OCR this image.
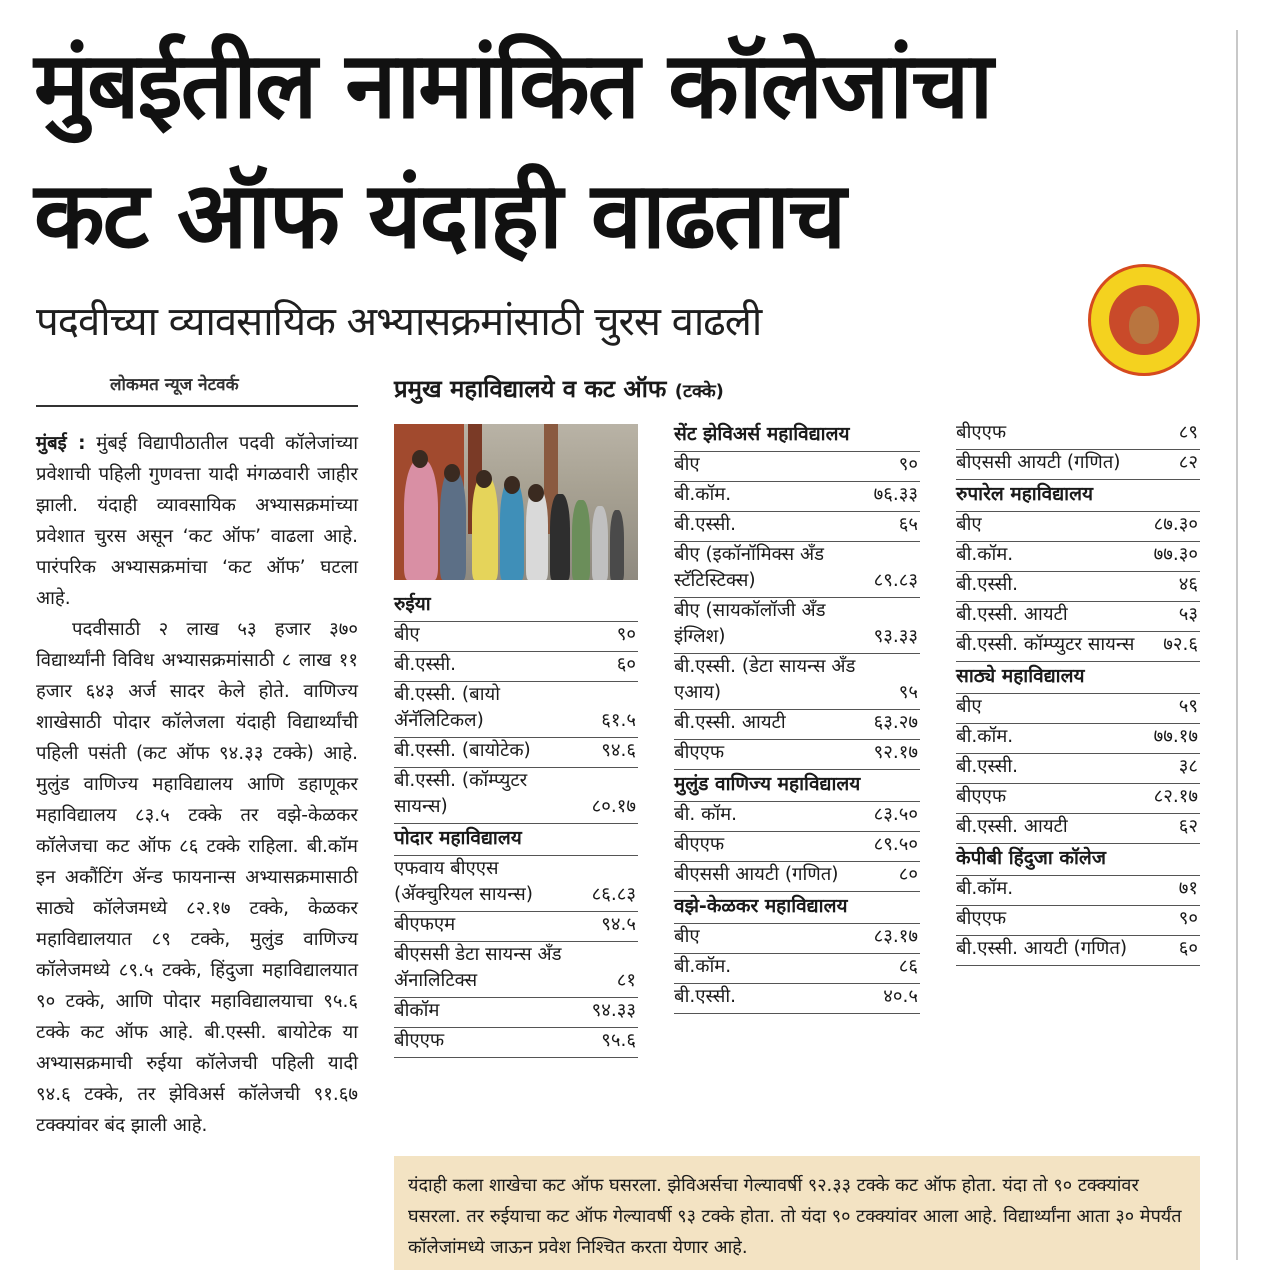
मुंबईतील नामांकित कॉलेजांचा
कट ऑफ यंदाही वाढताच
पदवीच्या व्यावसायिक अभ्यासक्रमांसाठी चुरस वाढली
लोकमत न्यूज नेटवर्क

मुंबई : मुंबई विद्यापीठातील पदवी कॉलेजांच्या प्रवेशाची पहिली गुणवत्ता यादी मंगळवारी जाहीर झाली. यंदाही व्यावसायिक अभ्यासक्रमांच्या प्रवेशात चुरस असून ‘कट ऑफ’ वाढला आहे. पारंपरिक अभ्यासक्रमांचा ‘कट ऑफ’ घटला आहे.

पदवीसाठी २ लाख ५३ हजार ३७० विद्यार्थ्यांनी विविध अभ्यासक्रमांसाठी ८ लाख ११ हजार ६४३ अर्ज सादर केले होते. वाणिज्य शाखेसाठी पोदार कॉलेजला यंदाही विद्यार्थ्यांची पहिली पसंती (कट ऑफ ९४.३३ टक्के) आहे. मुलुंड वाणिज्य महाविद्यालय आणि डहाणूकर महाविद्यालय ८३.५ टक्के तर वझे-केळकर कॉलेजचा कट ऑफ ८६ टक्के राहिला. बी.कॉम इन अकौंटिंग ॲन्ड फायनान्स अभ्यासक्रमासाठी साठ्ये कॉलेजमध्ये ८२.१७ टक्के, केळकर महाविद्यालयात ८९ टक्के, मुलुंड वाणिज्य कॉलेजमध्ये ८९.५ टक्के, हिंदुजा महाविद्यालयात ९० टक्के, आणि पोदार महाविद्यालयाचा ९५.६ टक्के कट ऑफ आहे. बी.एस्सी. बायोटेक या अभ्यासक्रमाची रुईया कॉलेजची पहिली यादी ९४.६ टक्के, तर झेविअर्स कॉलेजची ९१.६७ टक्क्यांवर बंद झाली आहे.

प्रमुख महाविद्यालये व कट ऑफ (टक्के)
रुईया
बीए	९०
बी.एस्सी.	६०
बी.एस्सी. (बायो ॲनॅलिटिकल)	६१.५
बी.एस्सी. (बायोटेक)	९४.६
बी.एस्सी. (कॉम्प्युटर सायन्स)	८०.१७
पोदार महाविद्यालय
एफवाय बीएएस (ॲक्चुरियल सायन्स)	८६.८३
बीएफएम	९४.५
बीएससी डेटा सायन्स अँड ॲनालिटिक्स	८१
बीकॉम	९४.३३
बीएएफ	९५.६
सेंट झेविअर्स महाविद्यालय
बीए	९०
बी.कॉम.	७६.३३
बी.एस्सी.	६५
बीए (इकॉनॉमिक्स अँड स्टॅटिस्टिक्स)	८९.८३
बीए (सायकॉलॉजी अँड इंग्लिश)	९३.३३
बी.एस्सी. (डेटा सायन्स अँड एआय)	९५
बी.एस्सी. आयटी	६३.२७
बीएएफ	९२.१७
मुलुंड वाणिज्य महाविद्यालय
बी. कॉम.	८३.५०
बीएएफ	८९.५०
बीएससी आयटी (गणित)	८०
वझे-केळकर महाविद्यालय
बीए	८३.१७
बी.कॉम.	८६
बी.एस्सी.	४०.५
बीएएफ	८९
बीएससी आयटी (गणित)	८२
रुपारेल महाविद्यालय
बीए	८७.३०
बी.कॉम.	७७.३०
बी.एस्सी.	४६
बी.एस्सी. आयटी	५३
बी.एस्सी. कॉम्प्युटर सायन्स	७२.६
साठ्ये महाविद्यालय
बीए	५९
बी.कॉम.	७७.१७
बी.एस्सी.	३८
बीएएफ	८२.१७
बी.एस्सी. आयटी	६२
केपीबी हिंदुजा कॉलेज
बी.कॉम.	७१
बीएएफ	९०
बी.एस्सी. आयटी (गणित)	६०
यंदाही कला शाखेचा कट ऑफ घसरला. झेविअर्सचा गेल्यावर्षी ९२.३३ टक्के कट ऑफ होता. यंदा तो ९० टक्क्यांवर घसरला. तर रुईयाचा कट ऑफ गेल्यावर्षी ९३ टक्के होता. तो यंदा ९० टक्क्यांवर आला आहे. विद्यार्थ्यांना आता ३० मेपर्यंत कॉलेजांमध्ये जाऊन प्रवेश निश्चित करता येणार आहे.
